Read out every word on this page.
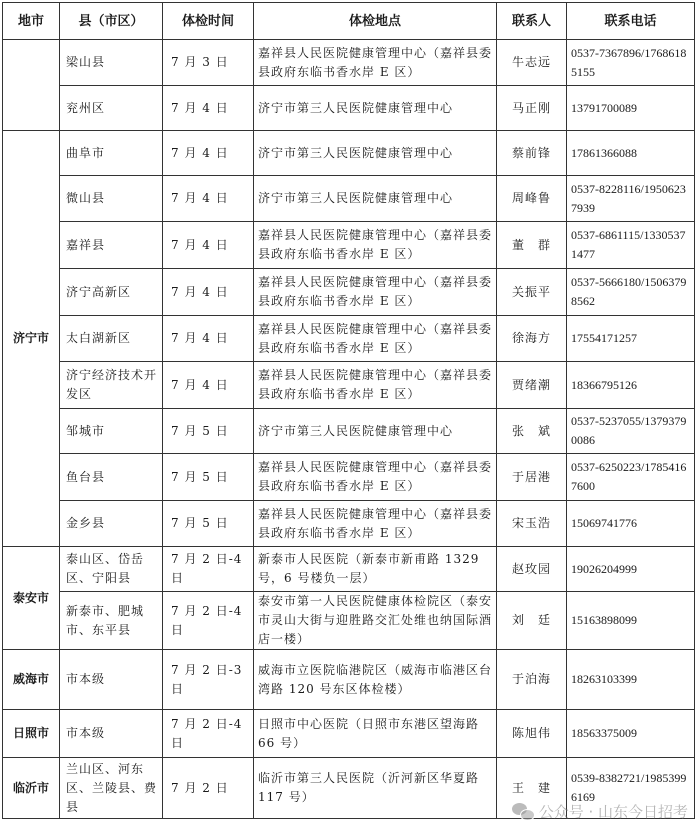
地市	县（市区）	体检时间	体检地点	联系人	联系电话
	梁山县	7 月 3 日	嘉祥县人民医院健康管理中心（嘉祥县委县政府东临书香水岸 E 区）	牛志远	0537-7367896/17686185155
	兖州区	7 月 4 日	济宁市第三人民医院健康管理中心	马正刚	13791700089
济宁市	曲阜市	7 月 4 日	济宁市第三人民医院健康管理中心	蔡前锋	17861366088
	微山县	7 月 4 日	济宁市第三人民医院健康管理中心	周峰鲁	0537-8228116/19506237939
	嘉祥县	7 月 4 日	嘉祥县人民医院健康管理中心（嘉祥县委县政府东临书香水岸 E 区）	董　群	0537-6861115/13305371477
	济宁高新区	7 月 4 日	嘉祥县人民医院健康管理中心（嘉祥县委县政府东临书香水岸 E 区）	关振平	0537-5666180/15063798562
	太白湖新区	7 月 4 日	嘉祥县人民医院健康管理中心（嘉祥县委县政府东临书香水岸 E 区）	徐海方	17554171257
	济宁经济技术开发区	7 月 4 日	嘉祥县人民医院健康管理中心（嘉祥县委县政府东临书香水岸 E 区）	贾绪潮	18366795126
	邹城市	7 月 5 日	济宁市第三人民医院健康管理中心	张　斌	0537-5237055/13793790086
	鱼台县	7 月 5 日	嘉祥县人民医院健康管理中心（嘉祥县委县政府东临书香水岸 E 区）	于居港	0537-6250223/17854167600
	金乡县	7 月 5 日	嘉祥县人民医院健康管理中心（嘉祥县委县政府东临书香水岸 E 区）	宋玉浩	15069741776
泰安市	泰山区、岱岳区、宁阳县	7 月 2 日-4 日	新泰市人民医院（新泰市新甫路 1329 号，6 号楼负一层）	赵玫园	19026204999
	新泰市、肥城市、东平县	7 月 2 日-4 日	泰安市第一人民医院健康体检院区（泰安市灵山大街与迎胜路交汇处维也纳国际酒店一楼）	刘　廷	15163898099
威海市	市本级	7 月 2 日-3 日	威海市立医院临港院区（威海市临港区台湾路 120 号东区体检楼）	于泊海	18263103399
日照市	市本级	7 月 2 日-4 日	日照市中心医院（日照市东港区望海路 66 号）	陈旭伟	18563375009
临沂市	兰山区、河东区、兰陵县、费县	7 月 2 日	临沂市第三人民医院（沂河新区华夏路 117 号）	王　建	0539-8382721/19853996169
公众号 · 山东今日招考
